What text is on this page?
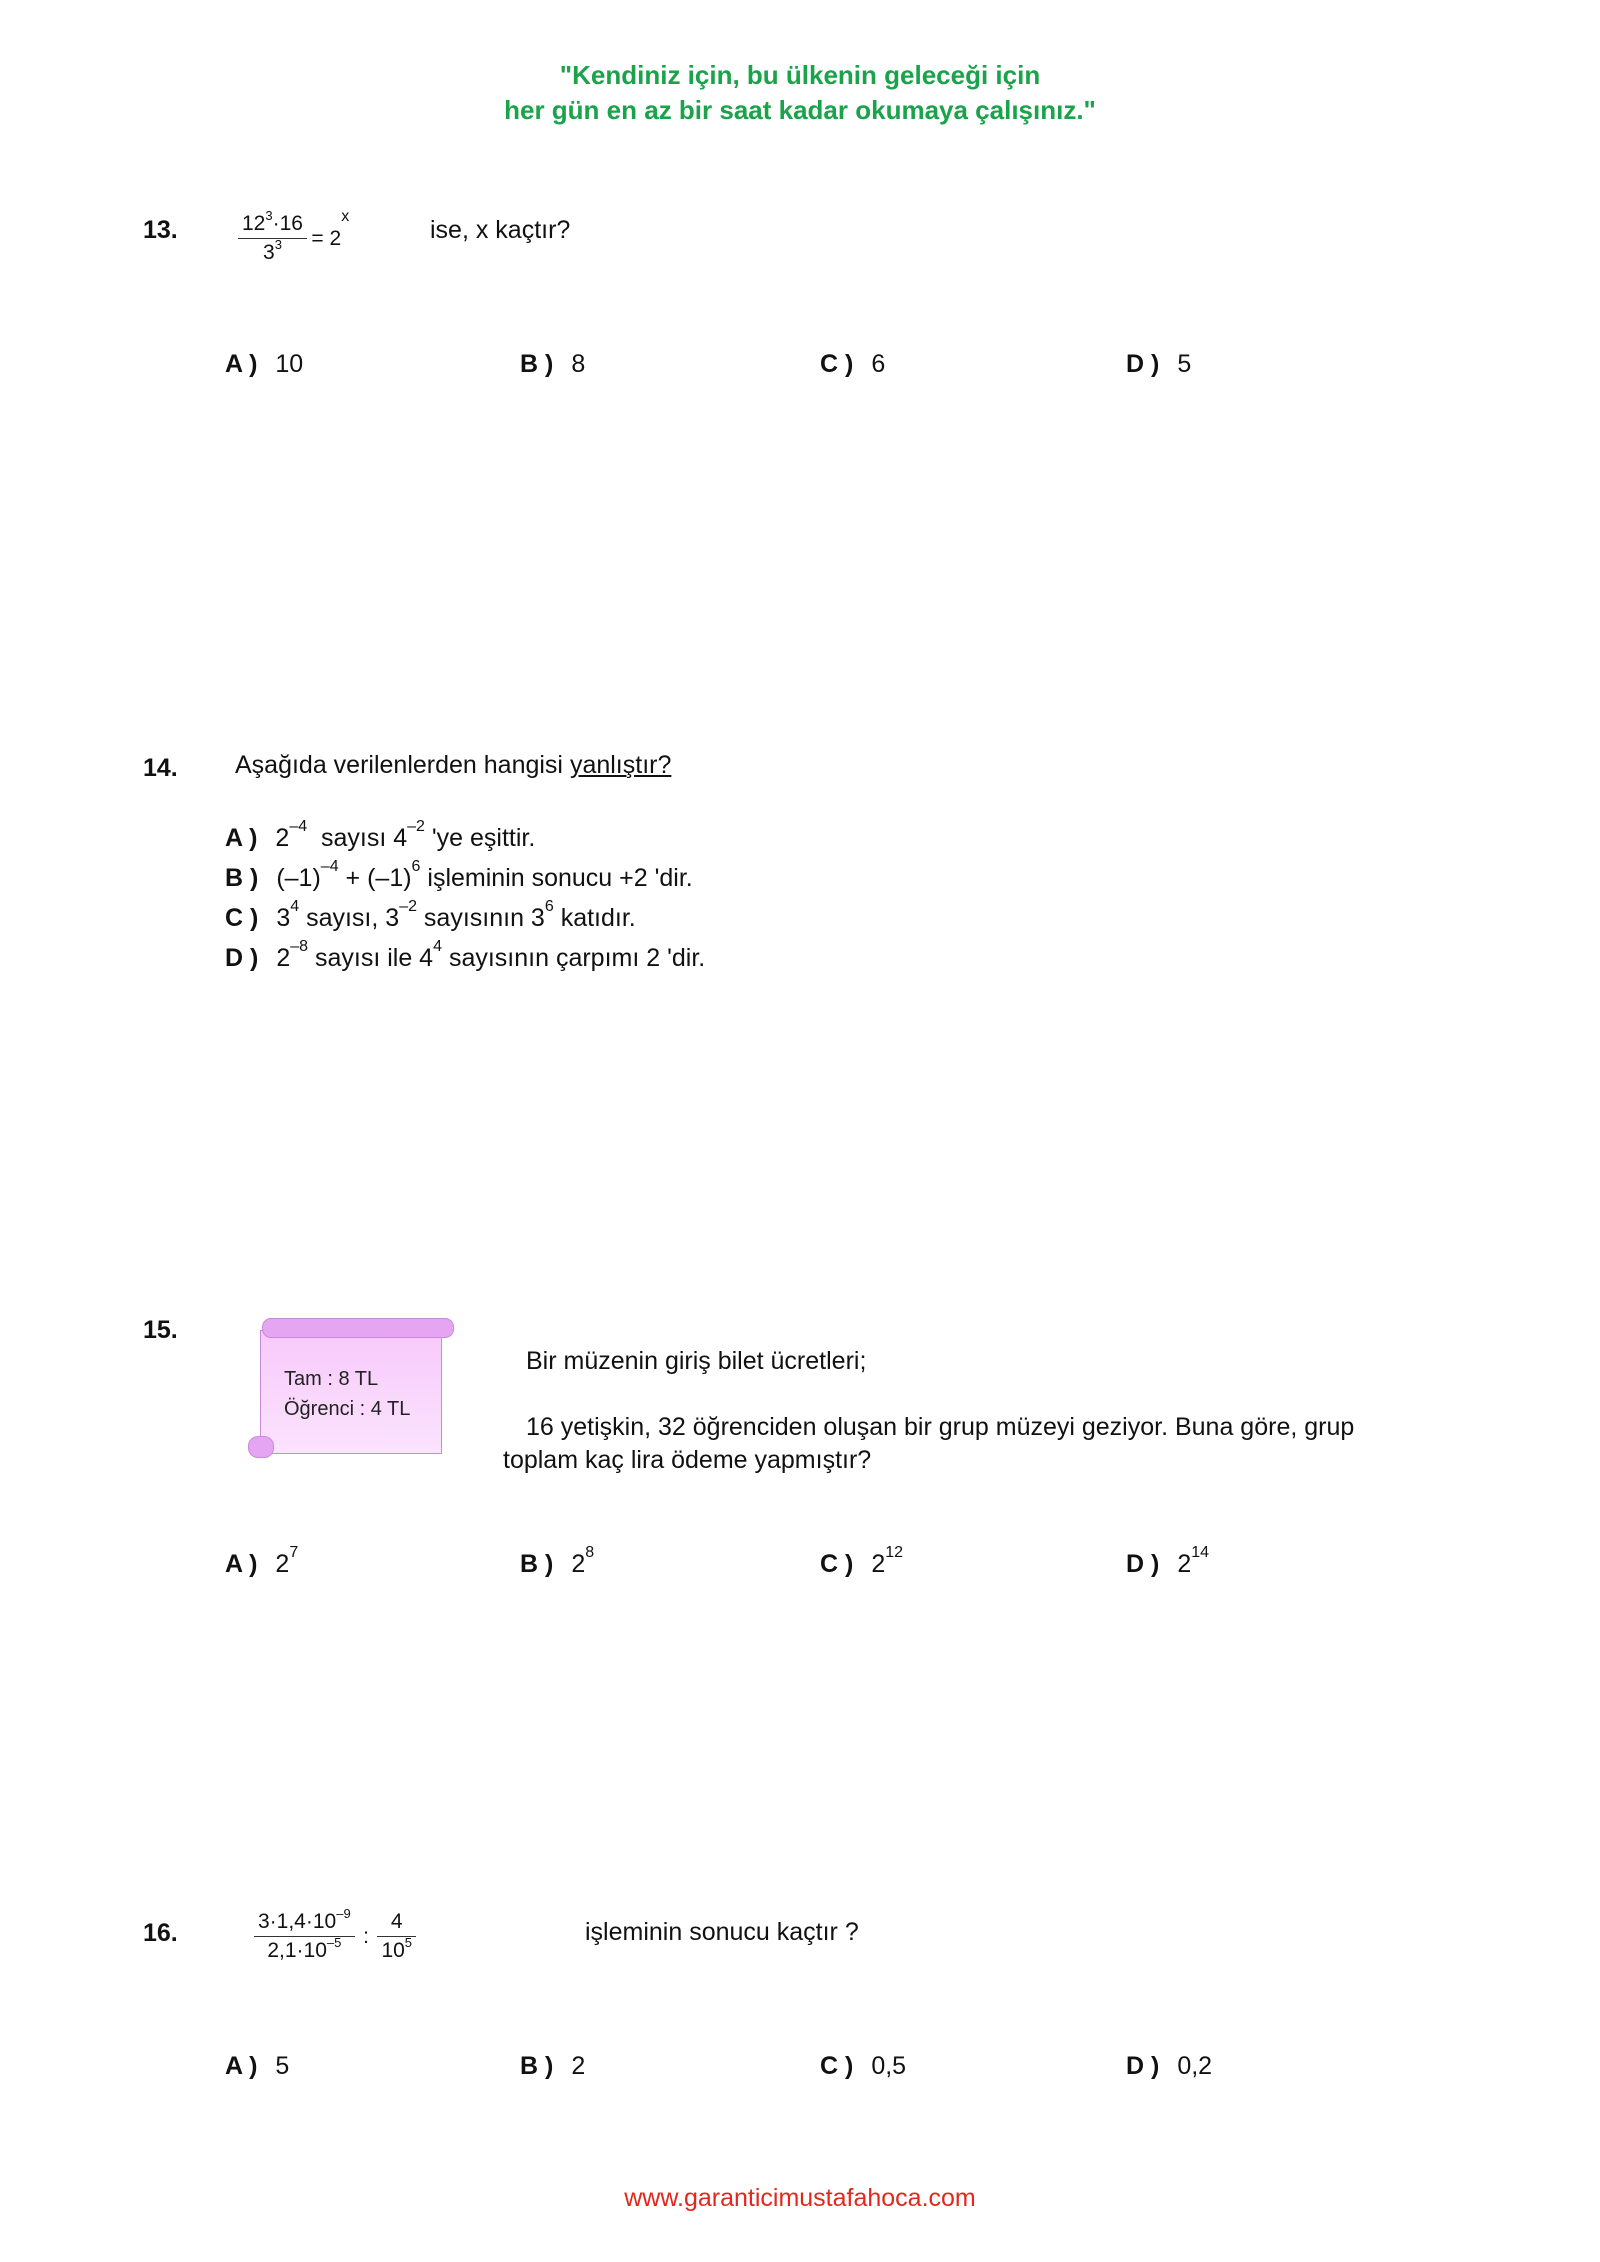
"Kendiniz için, bu ülkenin geleceği için
her gün en az bir saat kadar okumaya çalışınız."
13.	$\frac{12^3\cdot 16}{3^3} = 2^x$	ise, x kaçtır?
A ) 10	B ) 8	C ) 6	D ) 5
14. Aşağıda verilenlerden hangisi yanlıştır?
A ) $2^{-4}$  sayısı $4^{-2}$ 'ye eşittir.
B ) $(-1)^{-4} + (-1)^6$ işleminin sonucu +2 'dir.
C ) $3^4$ sayısı, $3^{-2}$ sayısının $3^6$ katıdır.
D ) $2^{-8}$ sayısı ile $4^4$ sayısının çarpımı 2 'dir.
15.
Tam : 8 TL
Öğrenci : 4 TL
Bir müzenin giriş bilet ücretleri;
16 yetişkin, 32 öğrenciden oluşan bir grup müzeyi geziyor. Buna göre, grup
toplam kaç lira ödeme yapmıştır?
A ) $2^7$	B ) $2^8$	C ) $2^{12}$	D ) $2^{14}$
16.	$\frac{3\cdot 1,4\cdot 10^{-9}}{2,1\cdot 10^{-5}}$ : $\frac{4}{10^5}$	işleminin sonucu kaçtır ?
A ) 5	B ) 2	C ) 0,5	D ) 0,2
www.garanticimustafahoca.com
